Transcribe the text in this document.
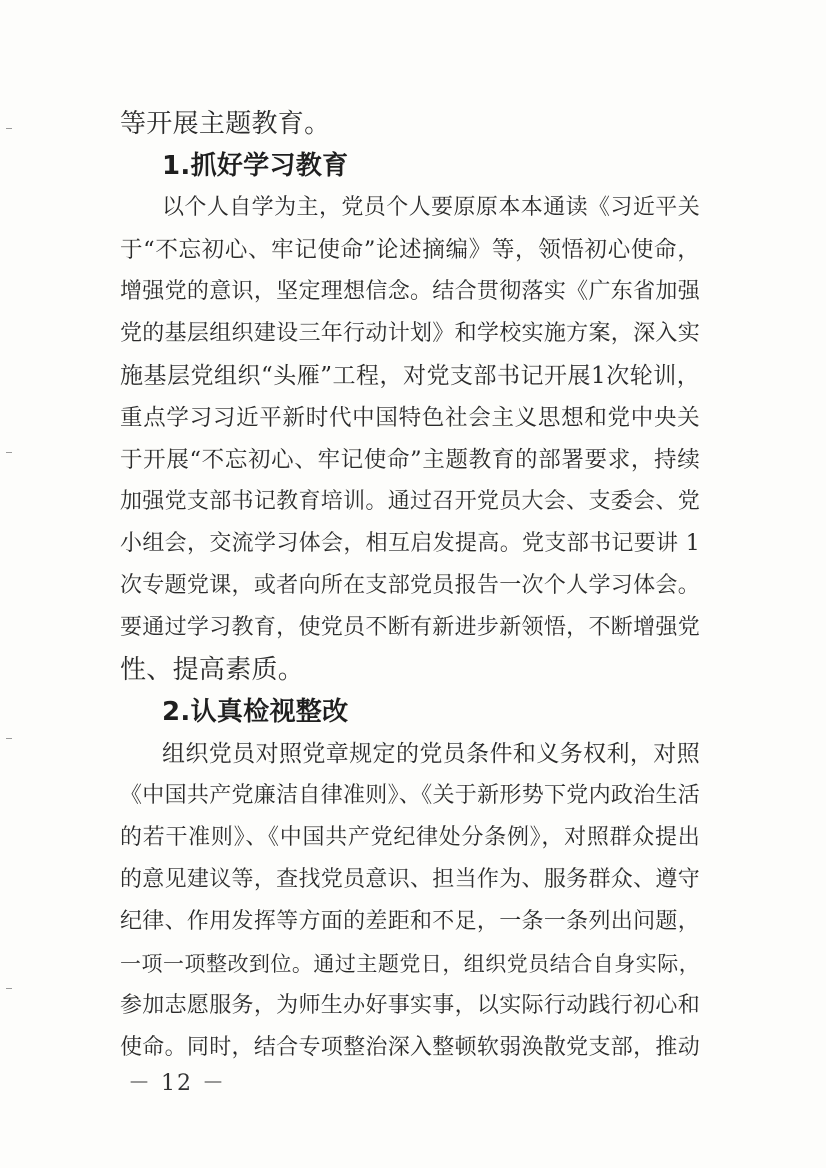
等开展主题教育。
1.抓好学习教育
以个人自学为主，党员个人要原原本本通读《习近平关
于“不忘初心、牢记使命”论述摘编》等，领悟初心使命，
增强党的意识，坚定理想信念。结合贯彻落实《广东省加强
党的基层组织建设三年行动计划》和学校实施方案，深入实
施基层党组织“头雁”工程，对党支部书记开展1次轮训，
重点学习习近平新时代中国特色社会主义思想和党中央关
于开展“不忘初心、牢记使命”主题教育的部署要求，持续
加强党支部书记教育培训。通过召开党员大会、支委会、党
小组会，交流学习体会，相互启发提高。党支部书记要讲 1
次专题党课，或者向所在支部党员报告一次个人学习体会。
要通过学习教育，使党员不断有新进步新领悟，不断增强党
性、提高素质。
2.认真检视整改
组织党员对照党章规定的党员条件和义务权利，对照
《中国共产党廉洁自律准则》、《关于新形势下党内政治生活
的若干准则》、《中国共产党纪律处分条例》，对照群众提出
的意见建议等，查找党员意识、担当作为、服务群众、遵守
纪律、作用发挥等方面的差距和不足，一条一条列出问题，
一项一项整改到位。通过主题党日，组织党员结合自身实际，
参加志愿服务，为师生办好事实事，以实际行动践行初心和
使命。同时，结合专项整治深入整顿软弱涣散党支部，推动
－ 12 －
